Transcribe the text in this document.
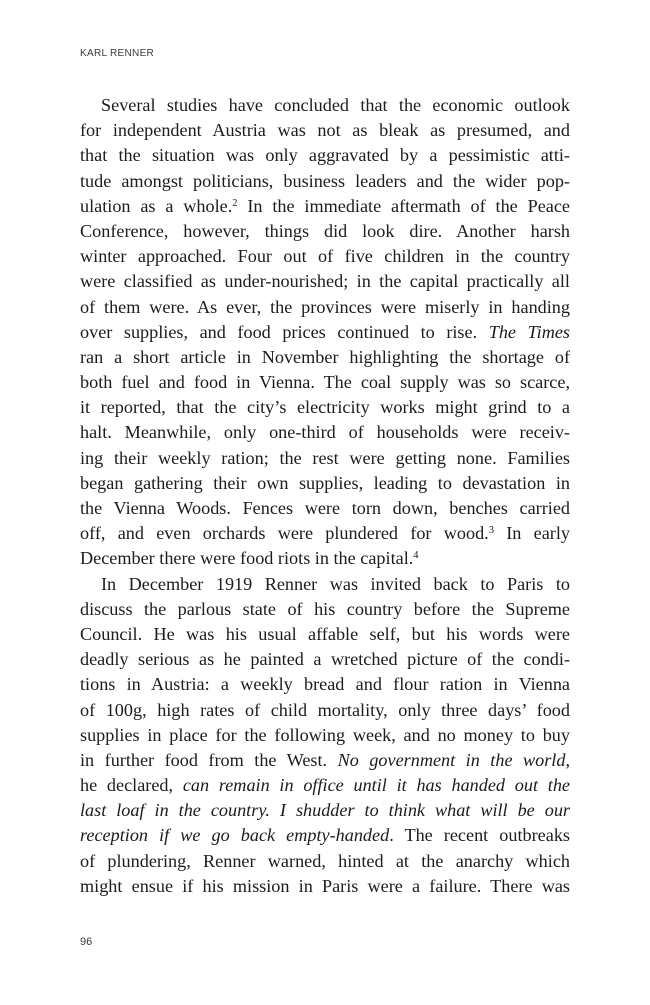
KARL RENNER
Several studies have concluded that the economic outlook
for independent Austria was not as bleak as presumed, and
that the situation was only aggravated by a pessimistic atti-
tude amongst politicians, business leaders and the wider pop-
ulation as a whole.$^2$ In the immediate aftermath of the Peace
Conference, however, things did look dire. Another harsh
winter approached. Four out of five children in the country
were classified as under-nourished; in the capital practically all
of them were. As ever, the provinces were miserly in handing
over supplies, and food prices continued to rise. The Times
ran a short article in November highlighting the shortage of
both fuel and food in Vienna. The coal supply was so scarce,
it reported, that the city’s electricity works might grind to a
halt. Meanwhile, only one-third of households were receiv-
ing their weekly ration; the rest were getting none. Families
began gathering their own supplies, leading to devastation in
the Vienna Woods. Fences were torn down, benches carried
off, and even orchards were plundered for wood.$^3$ In early
December there were food riots in the capital.$^4$
In December 1919 Renner was invited back to Paris to
discuss the parlous state of his country before the Supreme
Council. He was his usual affable self, but his words were
deadly serious as he painted a wretched picture of the condi-
tions in Austria: a weekly bread and flour ration in Vienna
of 100g, high rates of child mortality, only three days’ food
supplies in place for the following week, and no money to buy
in further food from the West. No government in the world,
he declared, can remain in office until it has handed out the
last loaf in the country. I shudder to think what will be our
reception if we go back empty-handed. The recent outbreaks
of plundering, Renner warned, hinted at the anarchy which
might ensue if his mission in Paris were a failure. There was
96
